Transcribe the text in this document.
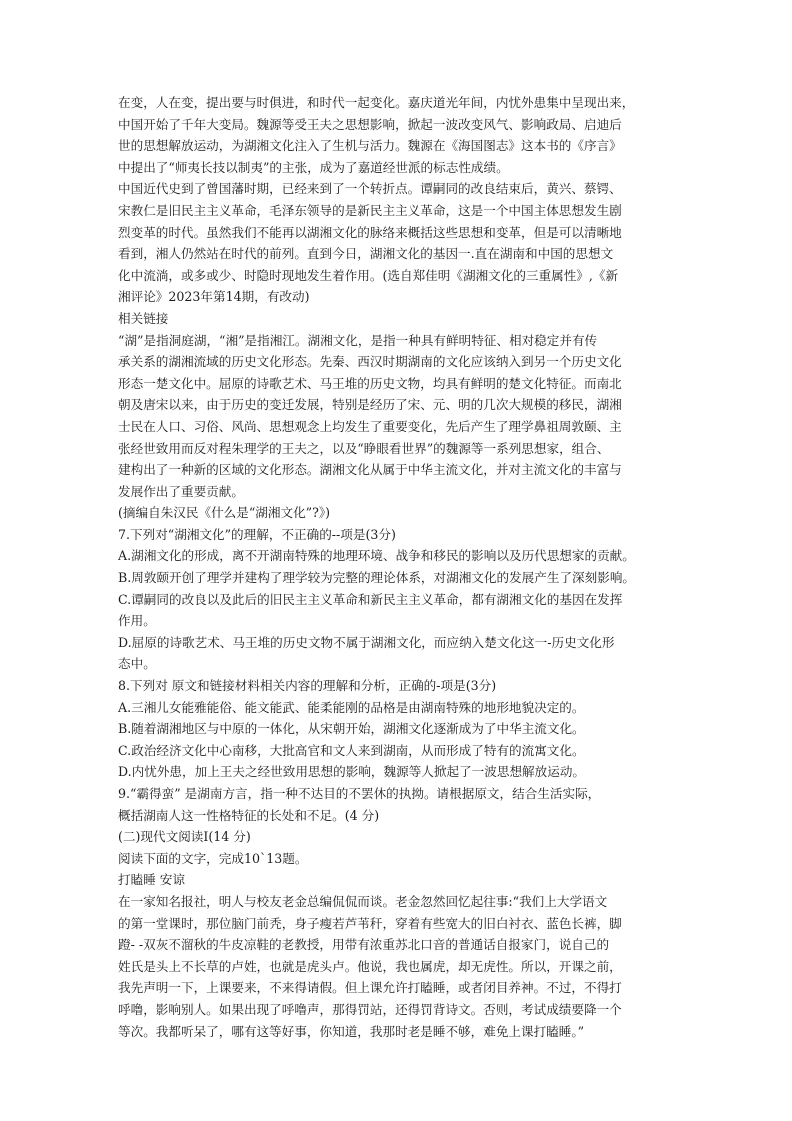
在变，人在变，提出要与时俱进，和时代一起变化。嘉庆道光年间，内忧外患集中呈现出来，
中国开始了千年大变局。魏源等受王夫之思想影响，掀起一波改变风气、影响政局、启迪后
世的思想解放运动，为湖湘文化注入了生机与活力。魏源在《海国图志》这本书的《序言》
中提出了“师夷长技以制夷”的主张，成为了嘉道经世派的标志性成绩。
中国近代史到了曾国藩时期，已经来到了一个转折点。谭嗣同的改良结束后，黄兴、蔡锷、
宋教仁是旧民主主义革命，毛泽东领导的是新民主主义革命，这是一个中国主体思想发生剧
烈变革的时代。虽然我们不能再以湖湘文化的脉络来概括这些思想和变革，但是可以清晰地
看到，湘人仍然站在时代的前列。直到今日，湖湘文化的基因一.直在湖南和中国的思想文
化中流淌，或多或少、时隐时现地发生着作用。(选自郑佳明《湖湘文化的三重属性》,《新
湘评论》2023年第14期，有改动)
相关链接
“湖”是指洞庭湖，“湘”是指湘江。湖湘文化，是指一种具有鲜明特征、相对稳定并有传
承关系的湖湘流域的历史文化形态。先秦、西汉时期湖南的文化应该纳入到另一个历史文化
形态一楚文化中。屈原的诗歌艺术、马王堆的历史文物，均具有鲜明的楚文化特征。而南北
朝及唐宋以来，由于历史的变迁发展，特别是经历了宋、元、明的几次大规模的移民，湖湘
士民在人口、习俗、风尚、思想观念上均发生了重要变化，先后产生了理学鼻祖周敦颐、主
张经世致用而反对程朱理学的王夫之，以及“睁眼看世界”的魏源等一系列思想家，组合、
建构出了一种新的区域的文化形态。湖湘文化从属于中华主流文化，并对主流文化的丰富与
发展作出了重要贡献。
(摘编自朱汉民《什么是“湖湘文化”?》)
7.下列对“湖湘文化”的理解，不正确的--项是(3分)
A.湖湘文化的形成，离不开湖南特殊的地理环境、战争和移民的影响以及历代思想家的贡献。
B.周敦颐开创了理学并建构了理学较为完整的理论体系，对湖湘文化的发展产生了深刻影响。
C.谭嗣同的改良以及此后的旧民主主义革命和新民主主义革命，都有湖湘文化的基因在发挥
作用。
D.屈原的诗歌艺术、马王堆的历史文物不属于湖湘文化，而应纳入楚文化这一-历史文化形
态中。
8.下列对 原文和链接材料相关内容的理解和分析，正确的-项是(3分)
A.三湘儿女能雅能俗、能文能武、能柔能刚的品格是由湖南特殊的地形地貌决定的。
B.随着湖湘地区与中原的一体化，从宋朝开始，湖湘文化逐渐成为了中华主流文化。
C.政治经济文化中心南移，大批高官和文人来到湖南，从而形成了特有的流寓文化。
D.内忧外患，加上王夫之经世致用思想的影响，魏源等人掀起了一波思想解放运动。
9.“霸得蛮” 是湖南方言，指一种不达目的不罢休的执拗。请根据原文，结合生活实际，
概括湖南人这一性格特征的长处和不足。(4 分)
(二)现代文阅读Ⅰ(14 分)
阅读下面的文字，完成10`13题。
打瞌睡 安谅
在一家知名报社，明人与校友老金总编侃侃而谈。老金忽然回忆起往事:“我们上大学语文
的第一堂课时，那位脑门前秃，身子瘦若芦苇秆，穿着有些宽大的旧白衬衣、蓝色长裤，脚
蹬- -双灰不溜秋的牛皮凉鞋的老教授，用带有浓重苏北口音的普通话自报家门，说自己的
姓氏是头上不长草的卢姓，也就是虎头卢。他说，我也属虎，却无虎性。所以，开课之前，
我先声明一下，上课要来，不来得请假。但上课允许打瞌睡，或者闭目养神。不过，不得打
呼噜，影响别人。如果出现了呼噜声，那得罚站，还得罚背诗文。否则，考试成绩要降一个
等次。我都听呆了，哪有这等好事，你知道，我那时老是睡不够，难免上课打瞌睡。”
